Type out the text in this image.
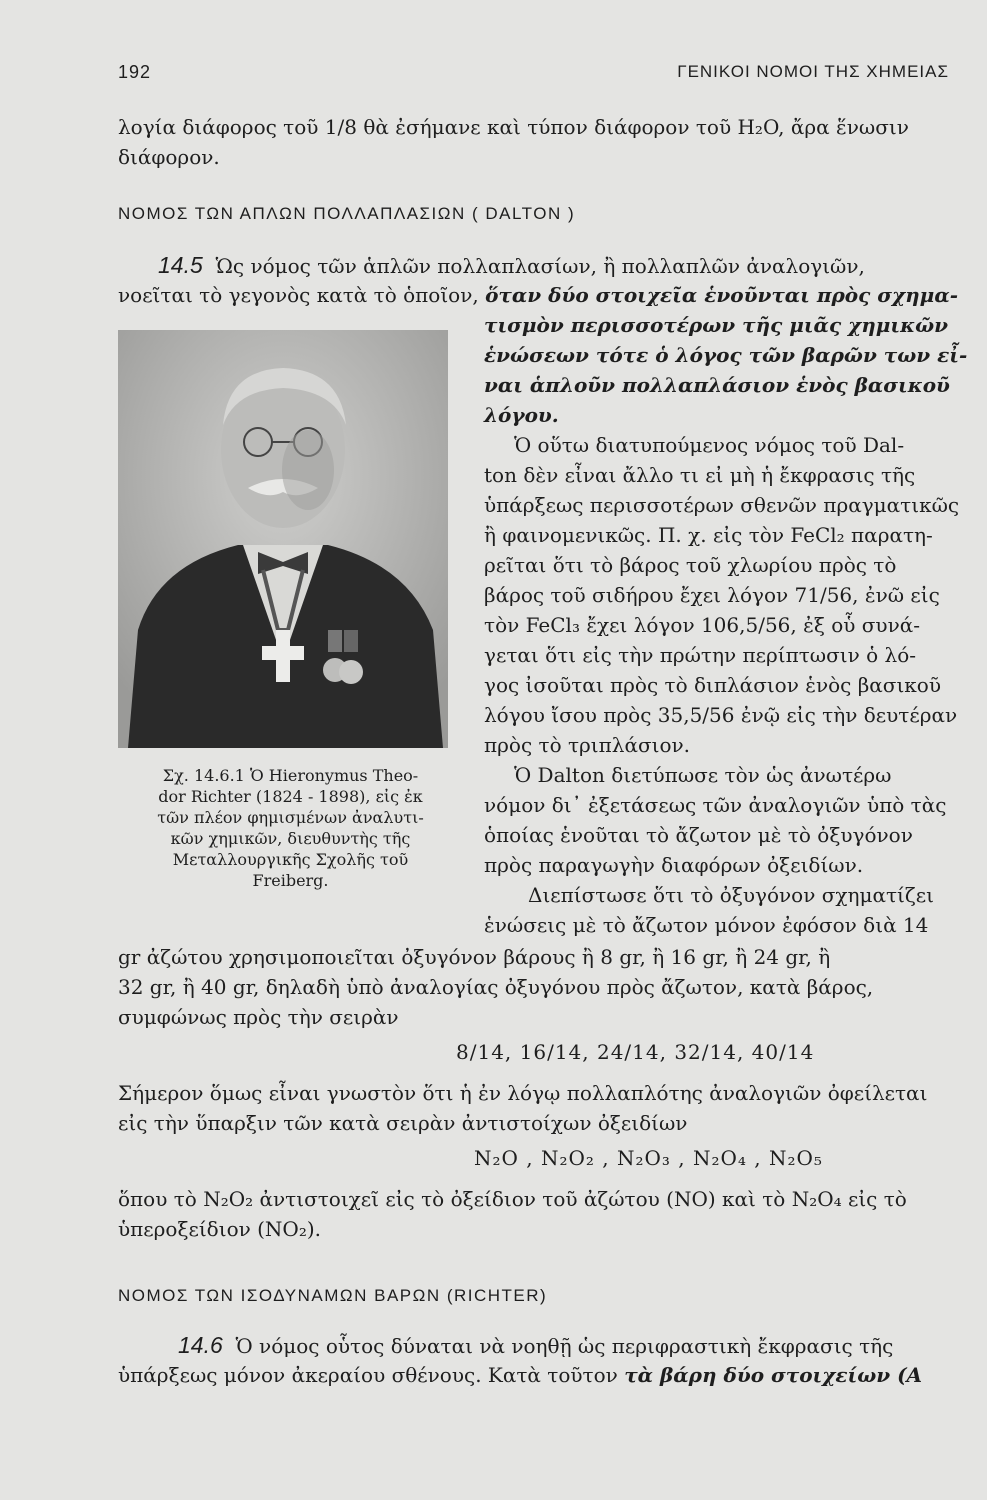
192	ΓΕΝΙΚΟΙ ΝΟΜΟΙ ΤΗΣ ΧΗΜΕΙΑΣ
λογία διάφορος τοῦ 1/8 θὰ ἐσήμανε καὶ τύπον διάφορον τοῦ H₂O, ἄρα ἕνωσιν
διάφορον.
ΝΟΜΟΣ ΤΩΝ ΑΠΛΩΝ ΠΟΛΛΑΠΛΑΣΙΩΝ ( DALTON )
14.5 Ὡς νόμος τῶν ἁπλῶν πολλαπλασίων, ἢ πολλαπλῶν ἀναλογιῶν,
νοεῖται τὸ γεγονὸς κατὰ τὸ ὁποῖον, ὅταν δύο στοιχεῖα ἑνοῦνται πρὸς σχημα-
τισμὸν περισσοτέρων τῆς μιᾶς χημικῶν
ἑνώσεων τότε ὁ λόγος τῶν βαρῶν των εἶ-
ναι ἁπλοῦν πολλαπλάσιον ἑνὸς βασικοῦ
λόγου.
Ὁ οὕτω διατυπούμενος νόμος τοῦ Dal-
ton δὲν εἶναι ἄλλο τι εἰ μὴ ἡ ἔκφρασις τῆς
ὑπάρξεως περισσοτέρων σθενῶν πραγματικῶς
ἢ φαινομενικῶς. Π. χ. εἰς τὸν FeCl₂ παρατη-
ρεῖται ὅτι τὸ βάρος τοῦ χλωρίου πρὸς τὸ
βάρος τοῦ σιδήρου ἔχει λόγον 71/56, ἐνῶ εἰς
τὸν FeCl₃ ἔχει λόγον 106,5/56, ἐξ οὗ συνά-
γεται ὅτι εἰς τὴν πρώτην περίπτωσιν ὁ λό-
γος ἰσοῦται πρὸς τὸ διπλάσιον ἑνὸς βασικοῦ
λόγου ἴσου πρὸς 35,5/56 ἐνῷ εἰς τὴν δευτέραν
πρὸς τὸ τριπλάσιον.
Ὁ Dalton διετύπωσε τὸν ὡς ἀνωτέρω
νόμον δι᾽ ἐξετάσεως τῶν ἀναλογιῶν ὑπὸ τὰς
ὁποίας ἑνοῦται τὸ ἄζωτον μὲ τὸ ὀξυγόνον
πρὸς παραγωγὴν διαφόρων ὀξειδίων.
Διεπίστωσε ὅτι τὸ ὀξυγόνον σχηματίζει
ἑνώσεις μὲ τὸ ἄζωτον μόνον ἐφόσον διὰ 14
gr ἀζώτου χρησιμοποιεῖται ὀξυγόνον βάρους ἢ 8 gr, ἢ 16 gr, ἢ 24 gr, ἢ
32 gr, ἢ 40 gr, δηλαδὴ ὑπὸ ἀναλογίας ὀξυγόνου πρὸς ἄζωτον, κατὰ βάρος,
συμφώνως πρὸς τὴν σειρὰν
8/14, 16/14, 24/14, 32/14, 40/14
Σήμερον ὅμως εἶναι γνωστὸν ὅτι ἡ ἐν λόγῳ πολλαπλότης ἀναλογιῶν ὀφείλεται
εἰς τὴν ὕπαρξιν τῶν κατὰ σειρὰν ἀντιστοίχων ὀξειδίων
N₂O , N₂O₂ , N₂O₃ , N₂O₄ , N₂O₅
ὅπου τὸ N₂O₂ ἀντιστοιχεῖ εἰς τὸ ὀξείδιον τοῦ ἀζώτου (NO) καὶ τὸ N₂O₄ εἰς τὸ
ὑπεροξείδιον (NO₂).
ΝΟΜΟΣ ΤΩΝ ΙΣΟΔΥΝΑΜΩΝ ΒΑΡΩΝ (RICHTER)
14.6 Ὁ νόμος οὗτος δύναται νὰ νοηθῇ ὡς περιφραστικὴ ἔκφρασις τῆς
ὑπάρξεως μόνον ἀκεραίου σθένους. Κατὰ τοῦτον τὰ βάρη δύο στοιχείων (Α
Σχ. 14.6.1 Ὁ Hieronymus Theo-
dor Richter (1824 - 1898), εἰς ἐκ
τῶν πλέον φημισμένων ἀναλυτι-
κῶν χημικῶν, διευθυντὴς τῆς
Μεταλλουργικῆς Σχολῆς τοῦ
Freiberg.
